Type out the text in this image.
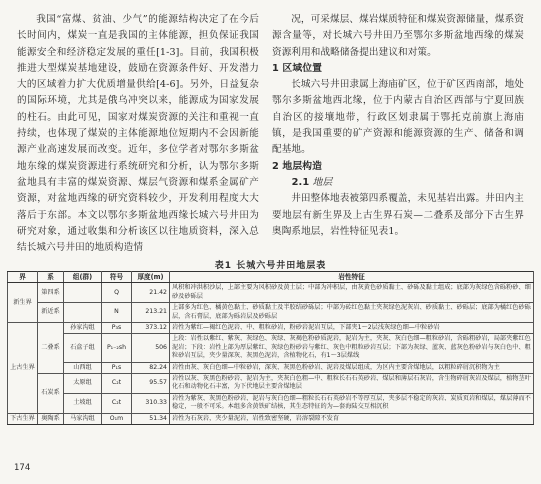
我国“富煤、贫油、少气”的能源结构决定了在今后长时间内，煤炭一直是我国的主体能源，担负保证我国能源安全和经济稳定发展的重任[1-3]。目前，我国积极推进大型煤炭基地建设，鼓励在资源条件好、开发潜力大的区域着力扩大优质增量供给[4-6]。另外，日益复杂的国际环境，尤其是俄乌冲突以来，能源成为国家发展的柱石。由此可见，国家对煤炭资源的关注和重视一直持续，也体现了煤炭的主体能源地位短期内不会因新能源产业高速发展而改变。近年，多位学者对鄂尔多斯盆地东缘的煤炭资源进行系统研究和分析，认为鄂尔多斯盆地具有丰富的煤炭资源、煤层气资源和煤系金属矿产资源，对盆地西缘的研究资料较少，开发利用程度大大落后于东部。本文以鄂尔多斯盆地西缘长城六号井田为研究对象，通过收集和分析该区以往地质资料，深入总结长城六号井田的地质构造情

况，可采煤层、煤岩煤质特征和煤炭资源储量，煤系资源含量等，对长城六号井田乃至鄂尔多斯盆地西缘的煤炭资源利用和战略储备提出建议和对策。

1 区域位置

长城六号井田隶属上海庙矿区，位于矿区西南部，地处鄂尔多斯盆地西北缘，位于内蒙古自治区西部与宁夏回族自治区的接壤地带，行政区划隶属于鄂托克前旗上海庙镇，是我国重要的矿产资源和能源资源的生产、储备和调配基地。

2 地层构造

2.1 地层

井田整体地表被第四系覆盖，未见基岩出露。井田内主要地层有新生界及上古生界石炭—二叠系及部分下古生界奥陶系地层，岩性特征见表1。

表1 长城六号井田地层表
界	系	组(群)	符号	厚度(m)	岩性特征
新生界	第四系		Q	21.42	风积和冲洪积沙层，上部主要为风积砂及黄土层；中部为冲积层，由灰黄色砂质黏土、砂砾及黏土组成；底部为灰绿色含砾粉砂、细砂及砂砾层
	新近系		N	213.21	上部多为红色、橘黄色黏土、砂质黏土及半胶结砂砾层；中部为砖红色黏土夹灰绿色泥灰岩、砂质黏土、砂砾层；底部为橘红色砂砾层，含石膏层，底部为砾岩层及砂砾层
上古生界	二叠系	孙家沟组	P₃s	373.12	岩性为紫红—褐红色泥岩、中、粗粒砂岩，粉砂岩泥岩互层，下部夹1～2层浅灰绿色细—中粒砂岩
		石盒子组	P₁₋₂sh	506	上段：岩性以紫红、紫灰、灰绿色、灰绿、灰褐色粉砂质泥岩，泥岩为主，夹灰、灰白色细—粗粒砂岩，含砾粗砂岩，局部夹紫红色泥岩；下段：岩性上部为厚层紫红、灰绿色粉砂岩与紫红、灰色中粗粒砂岩互层；下部为灰绿、蓝灰、蓝灰色粉砂岩与灰白色中、粗粒砂岩互层，夹少量深灰、灰黑色泥岩，含植物化石，有1～3层煤线
		山西组	P₁s	82.24	岩性由灰、灰白色细—中粒砂岩，深灰、灰黑色粉砂岩、泥岩及煤层组成，为区内主要含煤地层，以粗粒碎屑沉积物为主
	石炭系	太原组	C₂t	95.57	岩性以灰、灰黑色粉砂岩、泥岩为主，夹灰白色粗—中、粗粒长石石英砂岩、煤层和薄层石灰岩，含生物碎屑灰岩及煤层，植物茎叶化石和动物化石丰富，为下伏地层主要含煤地层
		土坡组	C₂t	310.33	岩性为紫灰、灰黑色粉砂岩、泥岩与灰白色细—粗粒长石石英砂岩不等厚互层，夹多层不稳定的灰岩、炭质页岩和煤层，煤层薄而不稳定，一般不可采。本组多含黄铁矿结核，其生态特征的为—套海陆交互相沉积
下古生界	奥陶系	马家沟组	O₁m	51.34	岩性为石灰岩，夹少量泥岩，岩性致密坚硬，岩溶裂隙不发育
174
